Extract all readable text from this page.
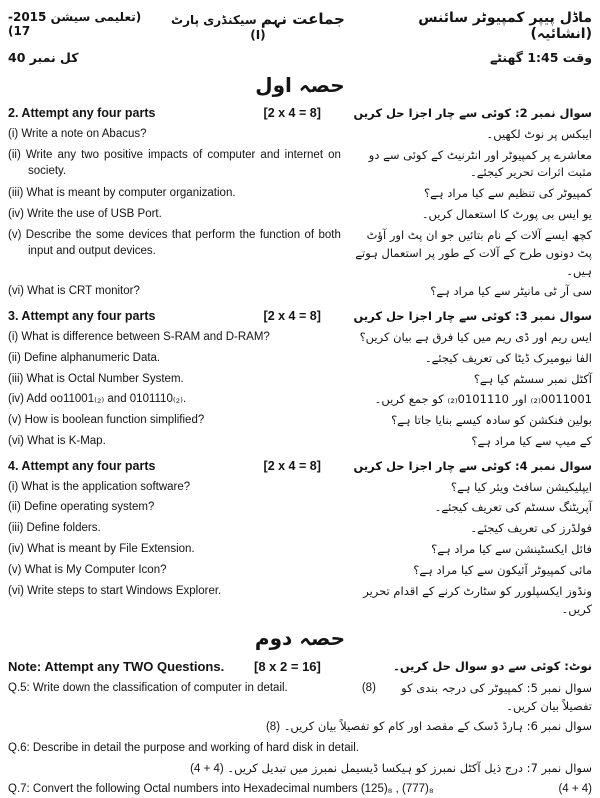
ماڈل پیپر کمپیوٹر سائنس (انشائیہ)
جماعت نہم سیکنڈری پارٹ (I)
(تعلیمی سیشن 2015-17)
وقت 1:45 گھنٹے
کل نمبر 40
حصہ اول
2. Attempt any four parts	[2 x 4 = 8]	سوال نمبر 2: کوئی سے چار اجزا حل کریں
(i) Write a note on Abacus?	ایبکس پر نوٹ لکھیں۔
(ii) Write any two positive impacts of computer and internet on society.
معاشرے پر کمپیوٹر اور انٹرنیٹ کے کوئی سے دو مثبت اثرات تحریر کیجئے۔
(iii) What is meant by computer organization.	کمپیوٹر کی تنظیم سے کیا مراد ہے؟
(iv) Write the use of USB Port.	یو ایس بی پورٹ کا استعمال کریں۔
(v) Describe the some devices that perform the function of both input and output devices.
کچھ ایسے آلات کے نام بتائیں جو ان پٹ اور آؤٹ پٹ دونوں طرح کے آلات کے طور پر استعمال ہوتے ہیں۔
(vi) What is CRT monitor?	سی آر ٹی مانیٹر سے کیا مراد ہے؟
3. Attempt any four parts	[2 x 4 = 8]	سوال نمبر 3: کوئی سے چار اجزا حل کریں
(i) What is difference between S-RAM and D-RAM?	ایس ریم اور ڈی ریم میں کیا فرق ہے بیان کریں؟
(ii) Define alphanumeric Data.	الفا نیومیرک ڈیٹا کی تعریف کیجئے۔
(iii) What is Octal Number System.	آکٹل نمبر سسٹم کیا ہے؟
(iv) Add oo11001₍₂₎ and 0101110₍₂₎.	0011001₍₂₎ اور 0101110₍₂₎ کو جمع کریں۔
(v) How is boolean function simplified?	بولین فنکشن کو سادہ کیسے بنایا جاتا ہے؟
(vi) What is K-Map.	کے میپ سے کیا مراد ہے؟
4. Attempt any four parts	[2 x 4 = 8]	سوال نمبر 4: کوئی سے چار اجزا حل کریں
(i) What is the application software?	ایپلیکیشن سافٹ ویئر کیا ہے؟
(ii) Define operating system?	آپریٹنگ سسٹم کی تعریف کیجئے۔
(iii) Define folders.	فولڈرز کی تعریف کیجئے۔
(iv) What is meant by File Extension.	فائل ایکسٹینشن سے کیا مراد ہے؟
(v) What is My Computer Icon?	مائی کمپیوٹر آئیکون سے کیا مراد ہے؟
(vi) Write steps to start Windows Explorer.	ونڈوز ایکسپلورر کو سٹارٹ کرنے کے اقدام تحریر کریں۔
حصہ دوم
Note: Attempt any TWO Questions. [8 x 2 = 16]	نوٹ: کوئی سے دو سوال حل کریں۔
Q.5: Write down the classification of computer in detail.	(8)	سوال نمبر 5: کمپیوٹر کی درجہ بندی کو تفصیلاً بیان کریں۔
سوال نمبر 6: ہارڈ ڈسک کے مقصد اور کام کو تفصیلاً بیان کریں۔ (8)
Q.6: Describe in detail the purpose and working of hard disk in detail.
سوال نمبر 7: درج ذیل آکٹل نمبرز کو ہیکسا ڈیسیمل نمبرز میں تبدیل کریں۔ (4 + 4)
Q.7: Convert the following Octal numbers into Hexadecimal numbers (125)₈ , (777)₈	(4 + 4)
